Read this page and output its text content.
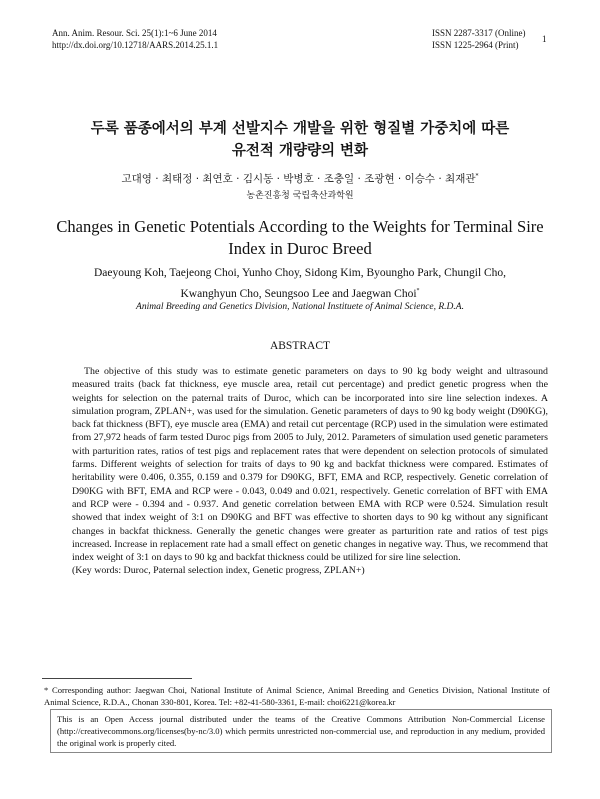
Ann. Anim. Resour. Sci. 25(1):1~6 June 2014
http://dx.doi.org/10.12718/AARS.2014.25.1.1
ISSN 2287-3317 (Online)
ISSN 1225-2964 (Print)
1
두록 품종에서의 부계 선발지수 개발을 위한 형질별 가중치에 따른
유전적 개량량의 변화
고대영 · 최태정 · 최연호 · 김시동 · 박병호 · 조충일 · 조광현 · 이승수 · 최재관*
농촌진흥청 국립축산과학원
Changes in Genetic Potentials According to the Weights for Terminal Sire
Index in Duroc Breed
Daeyoung Koh, Taejeong Choi, Yunho Choy, Sidong Kim, Byoungho Park, Chungil Cho,
Kwanghyun Cho, Seungsoo Lee and Jaegwan Choi*
Animal Breeding and Genetics Division, National Instituete of Animal Science, R.D.A.
ABSTRACT

The objective of this study was to estimate genetic parameters on days to 90 kg body weight and ultrasound measured traits (back fat thickness, eye muscle area, retail cut percentage) and predict genetic progress when the weights for selection on the paternal traits of Duroc, which can be incorporated into sire line selection indexes. A simulation program, ZPLAN+, was used for the simulation. Genetic parameters of days to 90 kg body weight (D90KG), back fat thickness (BFT), eye muscle area (EMA) and retail cut percentage (RCP) used in the simulation were estimated from 27,972 heads of farm tested Duroc pigs from 2005 to July, 2012. Parameters of simulation used genetic parameters with parturition rates, ratios of test pigs and replacement rates that were dependent on selection protocols of simulated farms. Different weights of selection for traits of days to 90 kg and backfat thickness were compared. Estimates of heritability were 0.406, 0.355, 0.159 and 0.379 for D90KG, BFT, EMA and RCP, respectively. Genetic correlation of D90KG with BFT, EMA and RCP were - 0.043, 0.049 and 0.021, respectively. Genetic correlation of BFT with EMA and RCP were - 0.394 and - 0.937. And genetic correlation between EMA with RCP were 0.524. Simulation result showed that index weight of 3:1 on D90KG and BFT was effective to shorten days to 90 kg without any significant changes in backfat thickness. Generally the genetic changes were greater as parturition rate and ratios of test pigs increased. Increase in replacement rate had a small effect on genetic changes in negative way. Thus, we recommend that index weight of 3:1 on days to 90 kg and backfat thickness could be utilized for sire line selection.

(Key words: Duroc, Paternal selection index, Genetic progress, ZPLAN+)

* Corresponding author: Jaegwan Choi, National Institute of Animal Science, Animal Breeding and Genetics Division, National Institute of Animal Science, R.D.A., Chonan 330-801, Korea. Tel: +82-41-580-3361, E-mail: choi6221@korea.kr
This is an Open Access journal distributed under the teams of the Creative Commons Attribution Non-Commercial License (http://creativecommons.org/licenses(by-nc/3.0) which permits unrestricted non-commercial use, and reproduction in any medium, provided the original work is properly cited.
